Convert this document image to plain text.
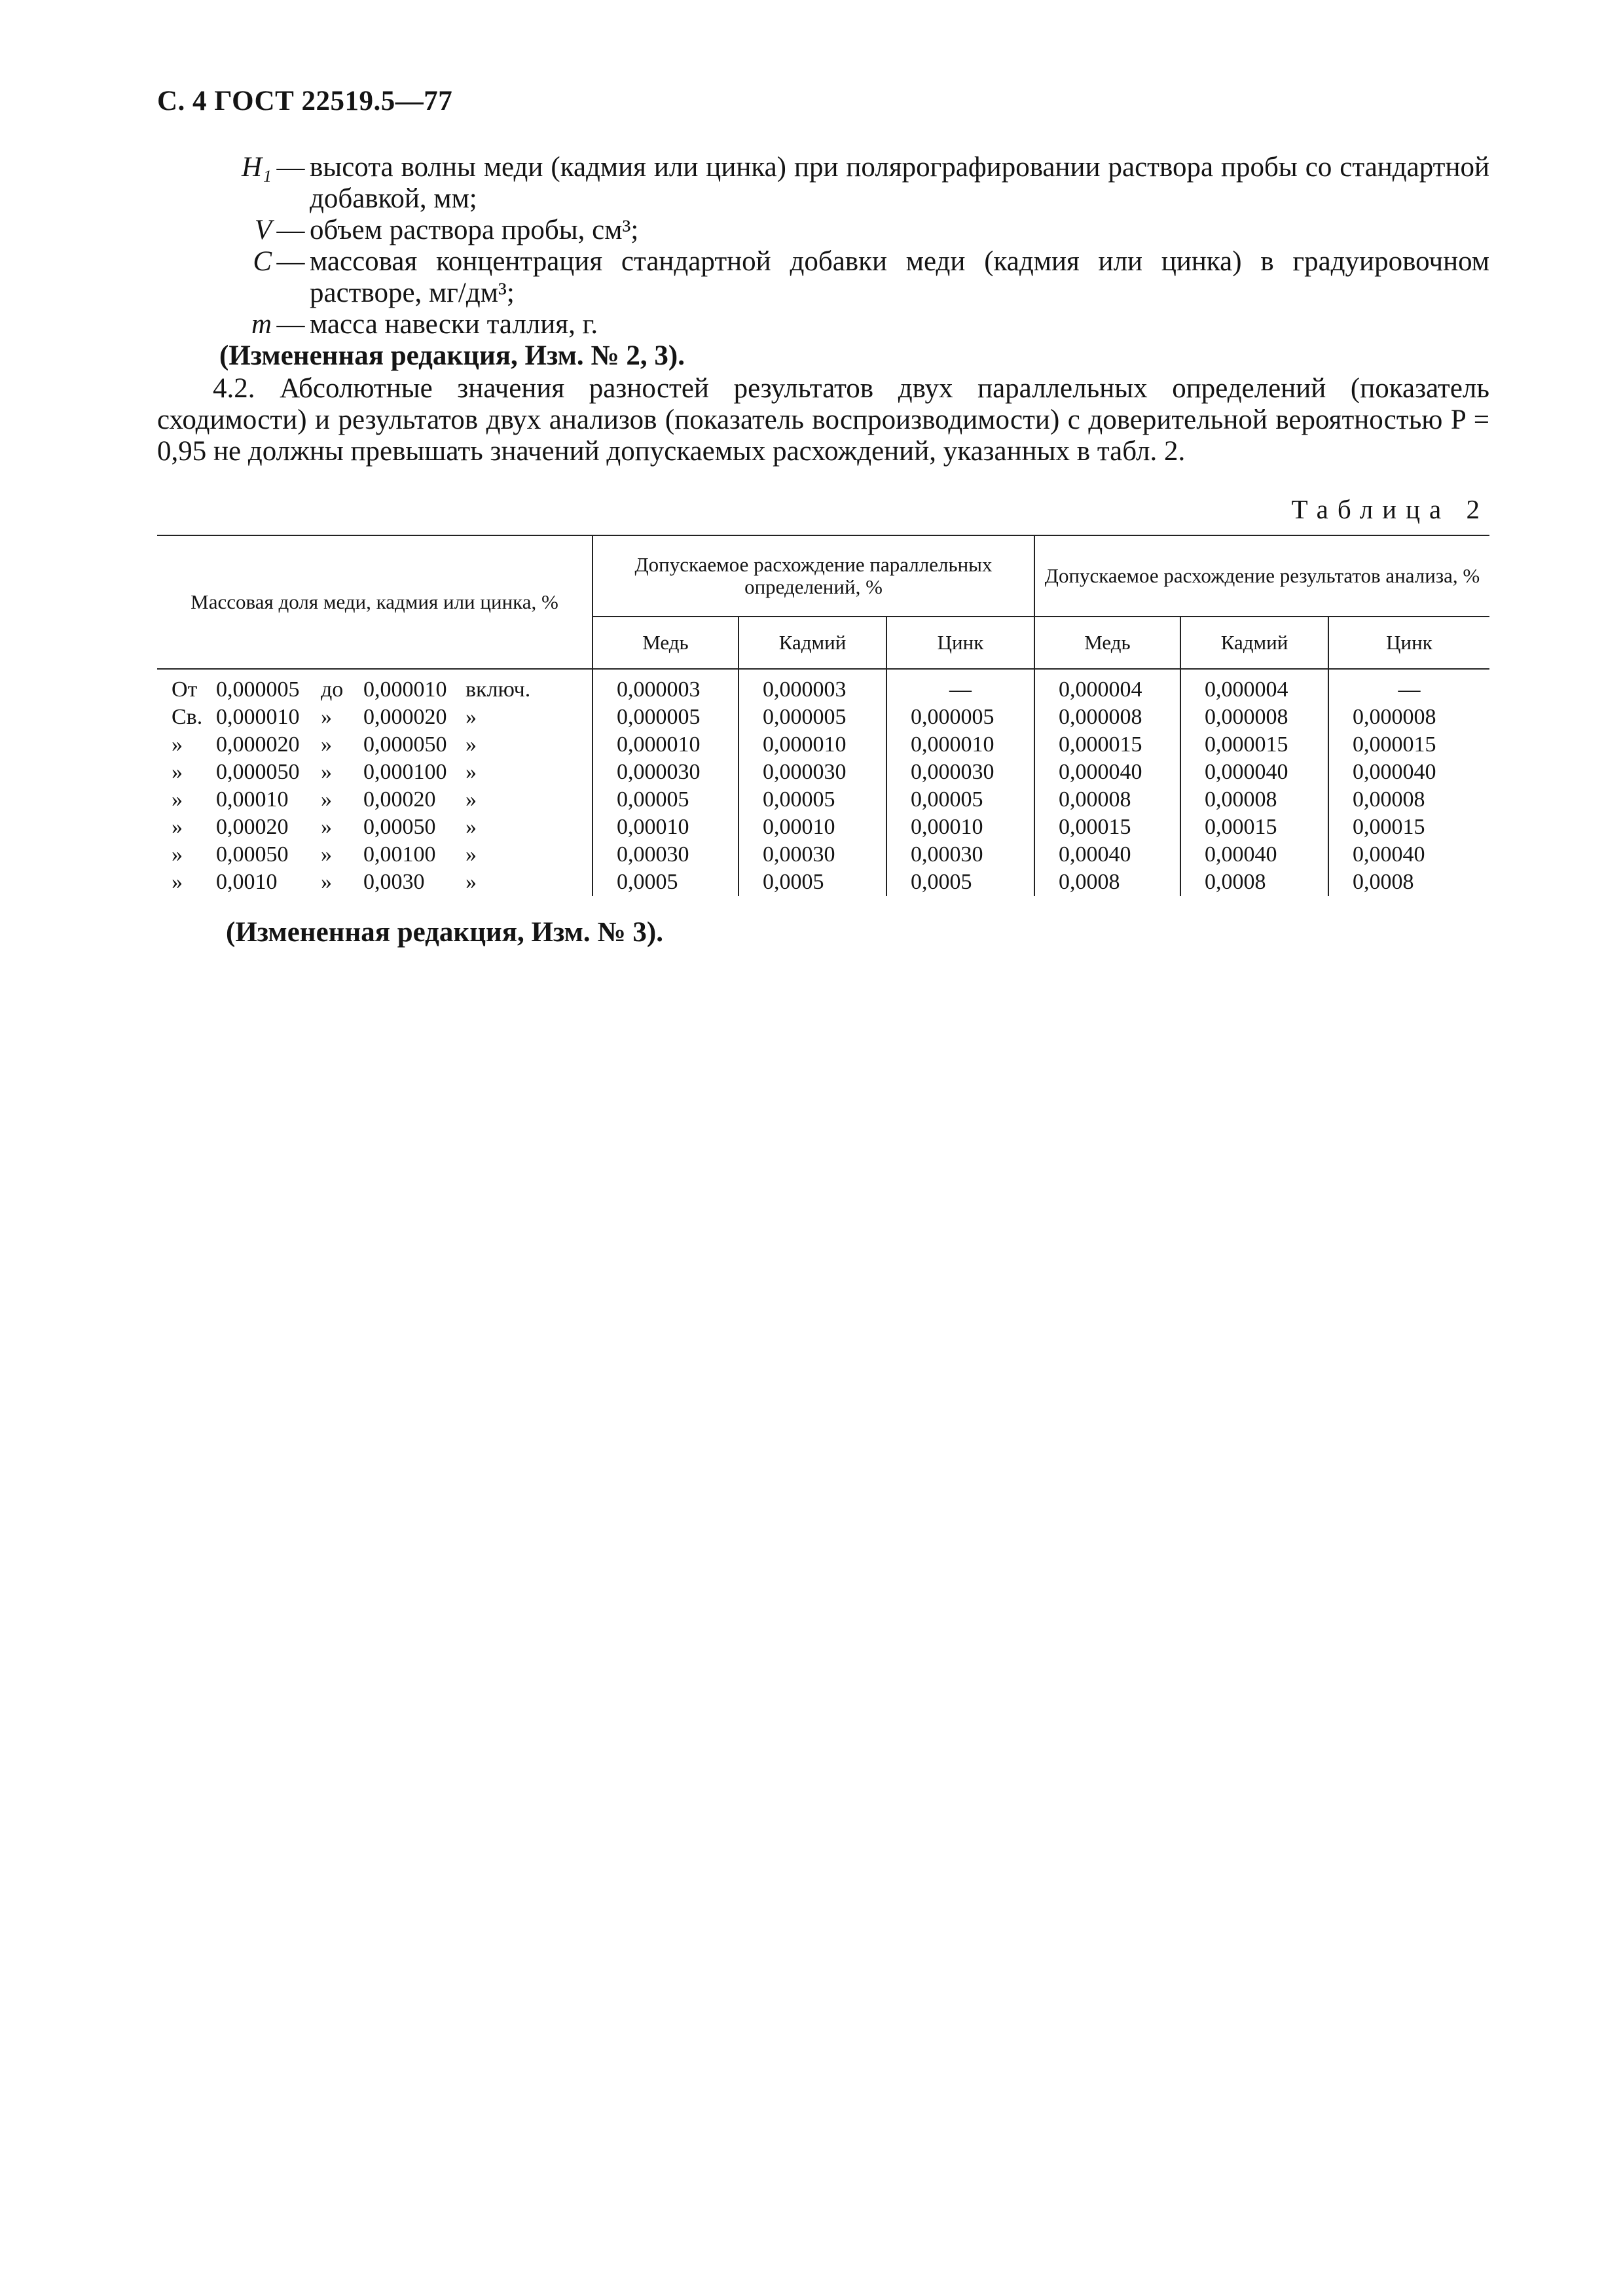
С. 4 ГОСТ 22519.5—77
H₁ — высота волны меди (кадмия или цинка) при полярографировании раствора пробы со стандартной добавкой, мм;
V — объем раствора пробы, см³;
C — массовая концентрация стандартной добавки меди (кадмия или цинка) в градуировочном растворе, мг/дм³;
m — масса навески таллия, г.
(Измененная редакция, Изм. № 2, 3).
4.2. Абсолютные значения разностей результатов двух параллельных определений (показатель сходимости) и результатов двух анализов (показатель воспроизводимости) с доверительной вероятностью P = 0,95 не должны превышать значений допускаемых расхождений, указанных в табл. 2.
Таблица 2
Массовая доля меди, кадмия или цинка, %	Допускаемое расхождение параллельных определений, %			Допускаемое расхождение результатов анализа, %		
	Медь	Кадмий	Цинк	Медь	Кадмий	Цинк
От 0,000005 до 0,000010 включ.	0,000003	0,000003	—	0,000004	0,000004	—
Св. 0,000010 » 0,000020 »	0,000005	0,000005	0,000005	0,000008	0,000008	0,000008
» 0,000020 » 0,000050 »	0,000010	0,000010	0,000010	0,000015	0,000015	0,000015
» 0,000050 » 0,000100 »	0,000030	0,000030	0,000030	0,000040	0,000040	0,000040
» 0,00010 » 0,00020 »	0,00005	0,00005	0,00005	0,00008	0,00008	0,00008
» 0,00020 » 0,00050 »	0,00010	0,00010	0,00010	0,00015	0,00015	0,00015
» 0,00050 » 0,00100 »	0,00030	0,00030	0,00030	0,00040	0,00040	0,00040
» 0,0010 » 0,0030 »	0,0005	0,0005	0,0005	0,0008	0,0008	0,0008
(Измененная редакция, Изм. № 3).
